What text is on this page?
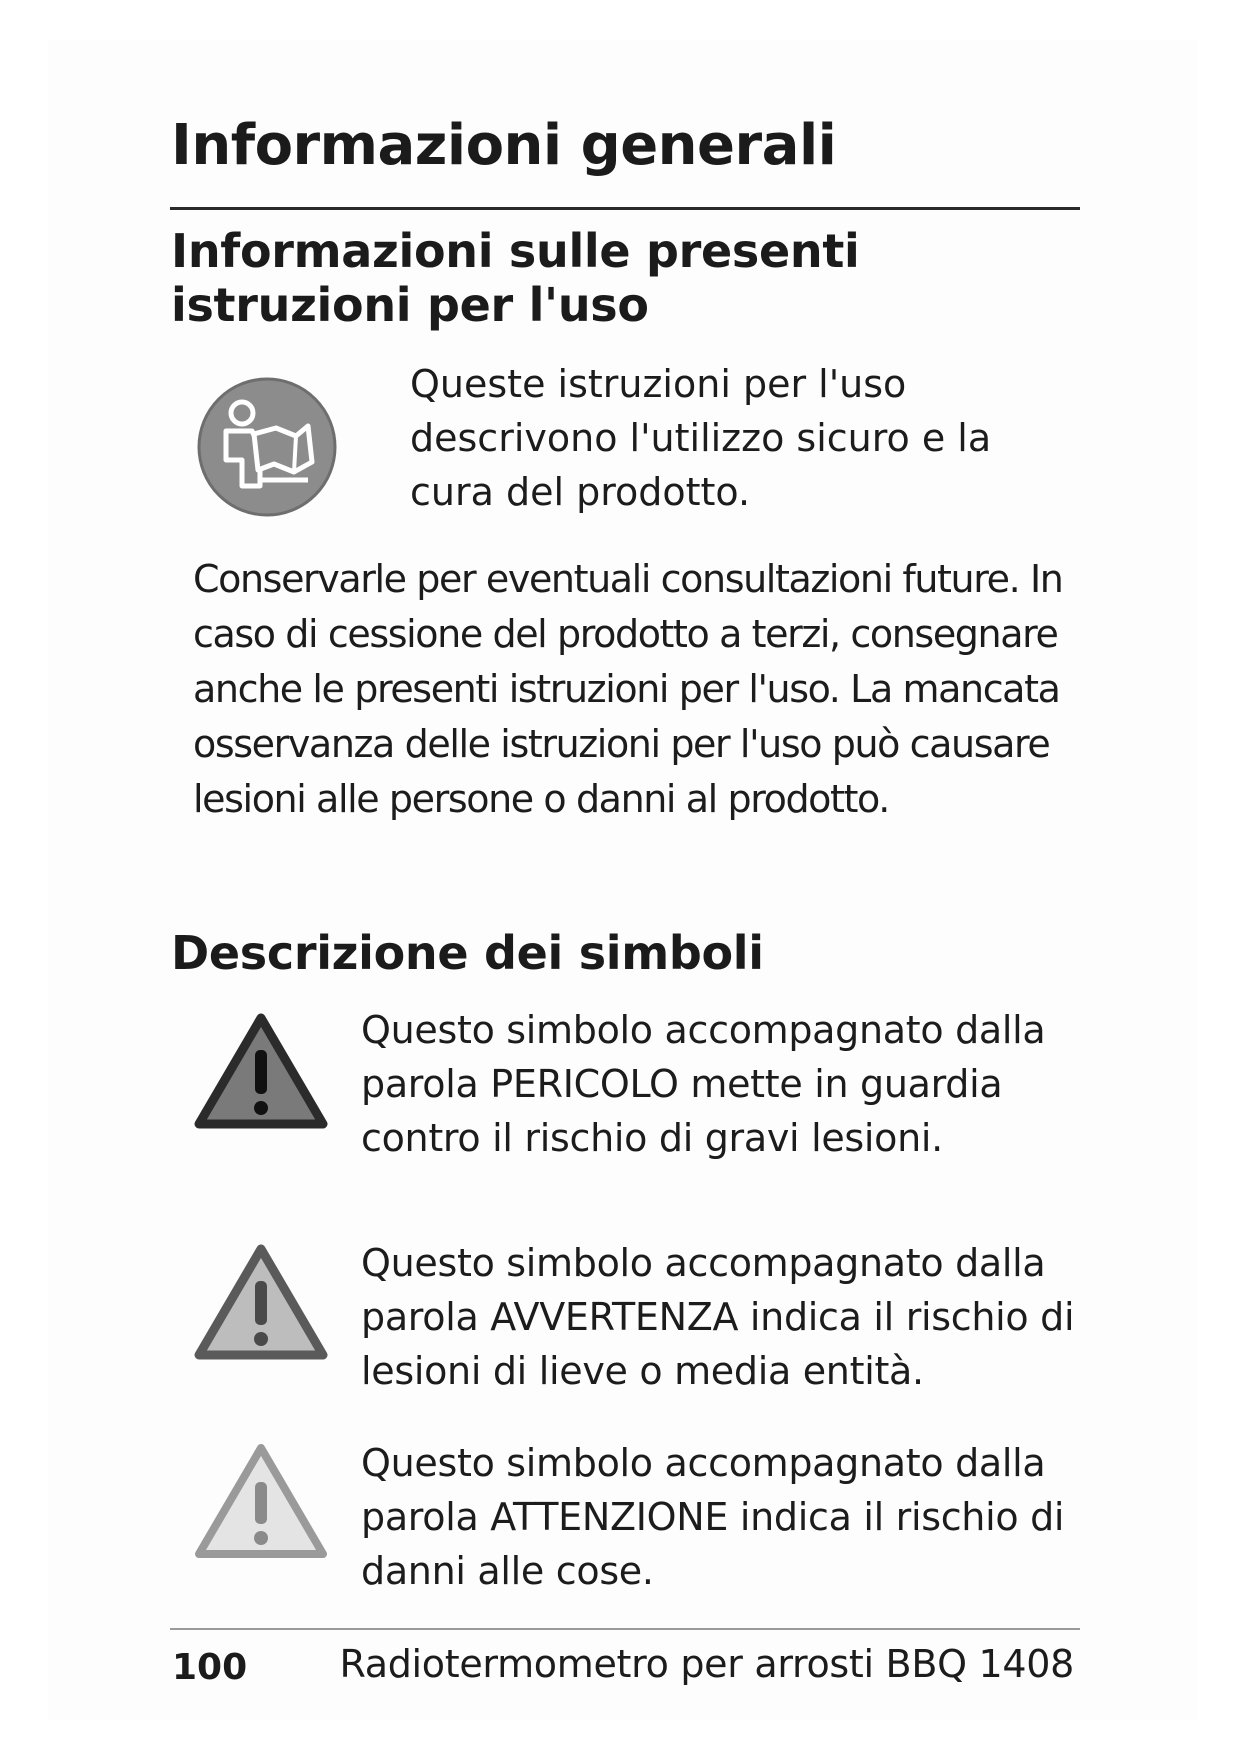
Informazioni generali
Informazioni sulle presenti istruzioni per l'uso
Queste istruzioni per l'uso descrivono l'utilizzo sicuro e la cura del prodotto.
Conservarle per eventuali consultazioni future. In caso di cessione del prodotto a terzi, consegnare anche le presenti istruzioni per l'uso. La mancata osservanza delle istruzioni per l'uso può causare lesioni alle persone o danni al prodotto.
Descrizione dei simboli
Questo simbolo accompagnato dalla parola PERICOLO mette in guardia contro il rischio di gravi lesioni.
Questo simbolo accompagnato dalla parola AVVERTENZA indica il rischio di lesioni di lieve o media entità.
Questo simbolo accompagnato dalla parola ATTENZIONE indica il rischio di danni alle cose.
100 Radiotermometro per arrosti BBQ 1408
